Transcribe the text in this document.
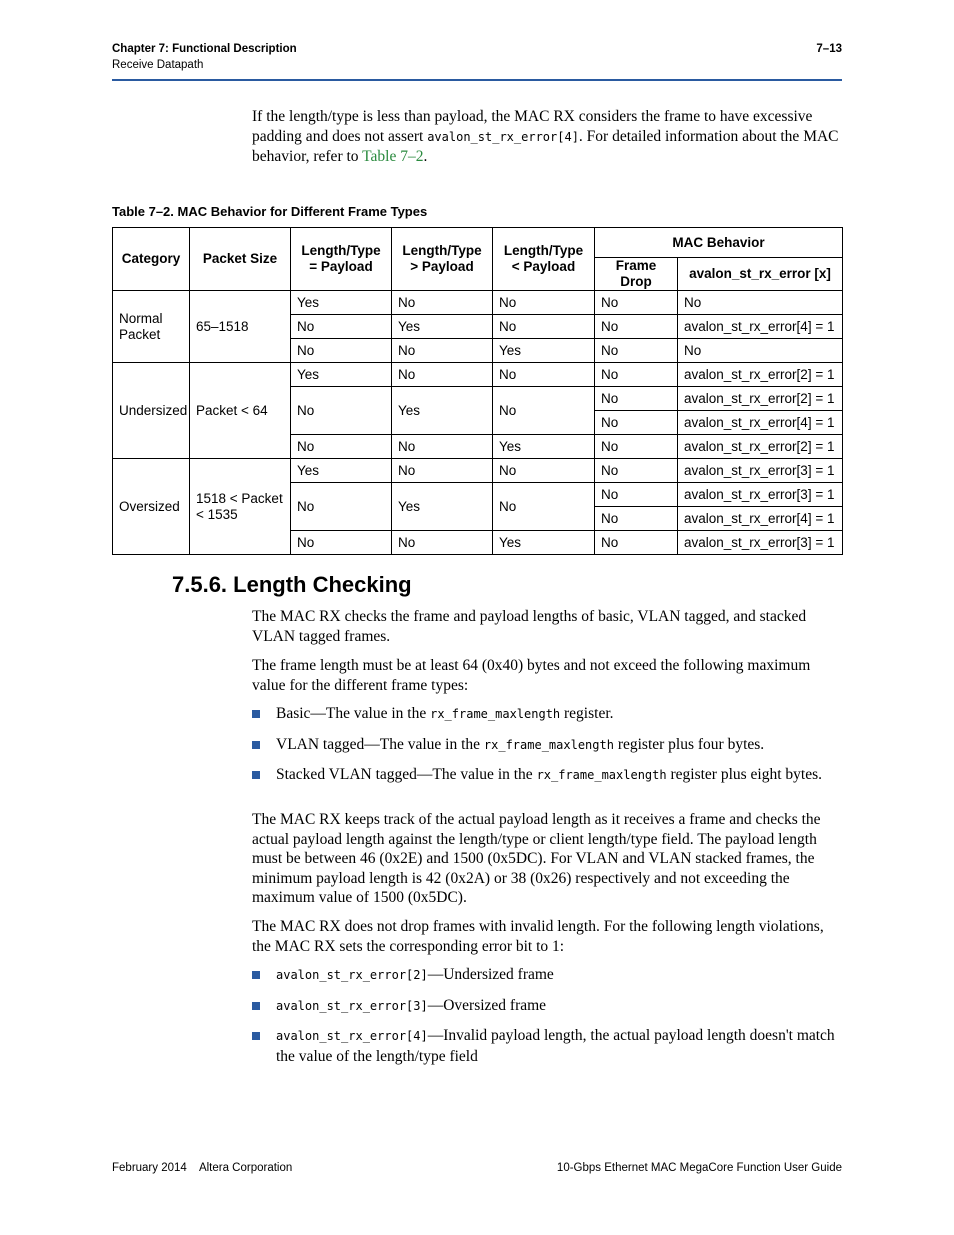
Chapter 7: Functional Description
Receive Datapath
7–13

If the length/type is less than payload, the MAC RX considers the frame to have excessive padding and does not assert avalon_st_rx_error[4]. For detailed information about the MAC behavior, refer to Table 7–2.

Table 7–2. MAC Behavior for Different Frame Types
Category	Packet Size	Length/Type = Payload	Length/Type > Payload	Length/Type < Payload	MAC Behavior	
					Frame Drop	avalon_st_rx_error [x]
Normal Packet	65–1518	Yes	No	No	No	No
		No	Yes	No	No	avalon_st_rx_error[4] = 1
		No	No	Yes	No	No
Undersized	Packet < 64	Yes	No	No	No	avalon_st_rx_error[2] = 1
		No	Yes	No	No	avalon_st_rx_error[2] = 1
					No	avalon_st_rx_error[4] = 1
		No	No	Yes	No	avalon_st_rx_error[2] = 1
Oversized	1518 < Packet < 1535	Yes	No	No	No	avalon_st_rx_error[3] = 1
		No	Yes	No	No	avalon_st_rx_error[3] = 1
					No	avalon_st_rx_error[4] = 1
		No	No	Yes	No	avalon_st_rx_error[3] = 1
7.5.6. Length Checking

The MAC RX checks the frame and payload lengths of basic, VLAN tagged, and stacked VLAN tagged frames.

The frame length must be at least 64 (0x40) bytes and not exceed the following maximum value for the different frame types:

Basic—The value in the rx_frame_maxlength register.
VLAN tagged—The value in the rx_frame_maxlength register plus four bytes.
Stacked VLAN tagged—The value in the rx_frame_maxlength register plus eight bytes.

The MAC RX keeps track of the actual payload length as it receives a frame and checks the actual payload length against the length/type or client length/type field. The payload length must be between 46 (0x2E) and 1500 (0x5DC). For VLAN and VLAN stacked frames, the minimum payload length is 42 (0x2A) or 38 (0x26) respectively and not exceeding the maximum value of 1500 (0x5DC).

The MAC RX does not drop frames with invalid length. For the following length violations, the MAC RX sets the corresponding error bit to 1:

avalon_st_rx_error[2]—Undersized frame
avalon_st_rx_error[3]—Oversized frame
avalon_st_rx_error[4]—Invalid payload length, the actual payload length doesn't match the value of the length/type field
February 2014    Altera Corporation	10-Gbps Ethernet MAC MegaCore Function User Guide
